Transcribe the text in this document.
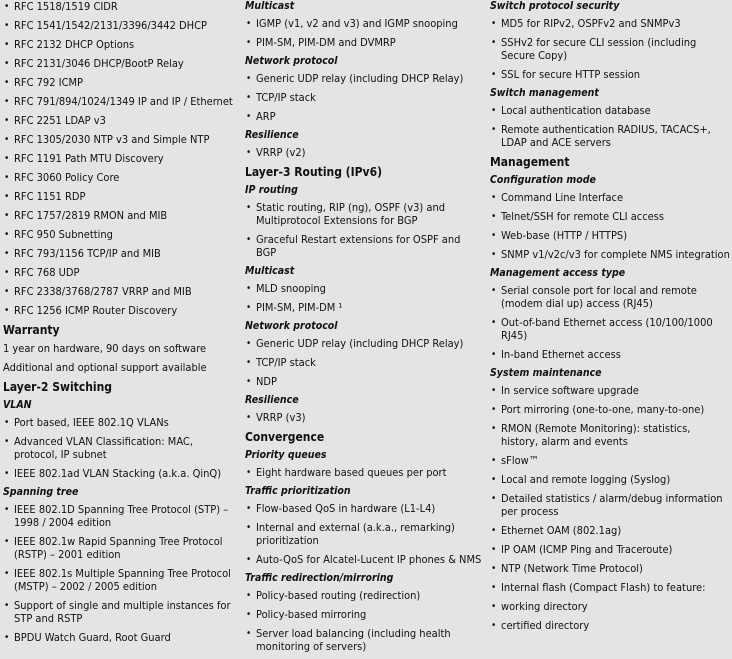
• RFC 1518/1519 CIDR
• RFC 1541/1542/2131/3396/3442 DHCP
• RFC 2132 DHCP Options
• RFC 2131/3046 DHCP/BootP Relay
• RFC 792 ICMP
• RFC 791/894/1024/1349 IP and IP / Ethernet
• RFC 2251 LDAP v3
• RFC 1305/2030 NTP v3 and Simple NTP
• RFC 1191 Path MTU Discovery
• RFC 3060 Policy Core
• RFC 1151 RDP
• RFC 1757/2819 RMON and MIB
• RFC 950 Subnetting
• RFC 793/1156 TCP/IP and MIB
• RFC 768 UDP
• RFC 2338/3768/2787 VRRP and MIB
• RFC 1256 ICMP Router Discovery
Warranty
1 year on hardware, 90 days on software
Additional and optional support available
Layer-2 Switching
VLAN
• Port based, IEEE 802.1Q VLANs
• Advanced VLAN Classification: MAC, protocol, IP subnet
• IEEE 802.1ad VLAN Stacking (a.k.a. QinQ)
Spanning tree
• IEEE 802.1D Spanning Tree Protocol (STP) – 1998 / 2004 edition
• IEEE 802.1w Rapid Spanning Tree Protocol (RSTP) – 2001 edition
• IEEE 802.1s Multiple Spanning Tree Protocol (MSTP) – 2002 / 2005 edition
• Support of single and multiple instances for STP and RSTP
• BPDU Watch Guard, Root Guard
Multicast
• IGMP (v1, v2 and v3) and IGMP snooping
• PIM-SM, PIM-DM and DVMRP
Network protocol
• Generic UDP relay (including DHCP Relay)
• TCP/IP stack
• ARP
Resilience
• VRRP (v2)
Layer-3 Routing (IPv6)
IP routing
• Static routing, RIP (ng), OSPF (v3) and Multiprotocol Extensions for BGP
• Graceful Restart extensions for OSPF and BGP
Multicast
• MLD snooping
• PIM-SM, PIM-DM ¹
Network protocol
• Generic UDP relay (including DHCP Relay)
• TCP/IP stack
• NDP
Resilience
• VRRP (v3)
Convergence
Priority queues
• Eight hardware based queues per port
Traffic prioritization
• Flow-based QoS in hardware (L1-L4)
• Internal and external (a.k.a., remarking) prioritization
• Auto-QoS for Alcatel-Lucent IP phones & NMS
Traffic redirection/mirroring
• Policy-based routing (redirection)
• Policy-based mirroring
• Server load balancing (including health monitoring of servers)
Switch protocol security
• MD5 for RIPv2, OSPFv2 and SNMPv3
• SSHv2 for secure CLI session (including Secure Copy)
• SSL for secure HTTP session
Switch management
• Local authentication database
• Remote authentication RADIUS, TACACS+, LDAP and ACE servers
Management
Configuration mode
• Command Line Interface
• Telnet/SSH for remote CLI access
• Web-base (HTTP / HTTPS)
• SNMP v1/v2c/v3 for complete NMS integration
Management access type
• Serial console port for local and remote (modem dial up) access (RJ45)
• Out-of-band Ethernet access (10/100/1000 RJ45)
• In-band Ethernet access
System maintenance
• In service software upgrade
• Port mirroring (one-to-one, many-to-one)
• RMON (Remote Monitoring): statistics, history, alarm and events
• sFlow™
• Local and remote logging (Syslog)
• Detailed statistics / alarm/debug information per process
• Ethernet OAM (802.1ag)
• IP OAM (ICMP Ping and Traceroute)
• NTP (Network Time Protocol)
• Internal flash (Compact Flash) to feature:
• working directory
• certified directory
